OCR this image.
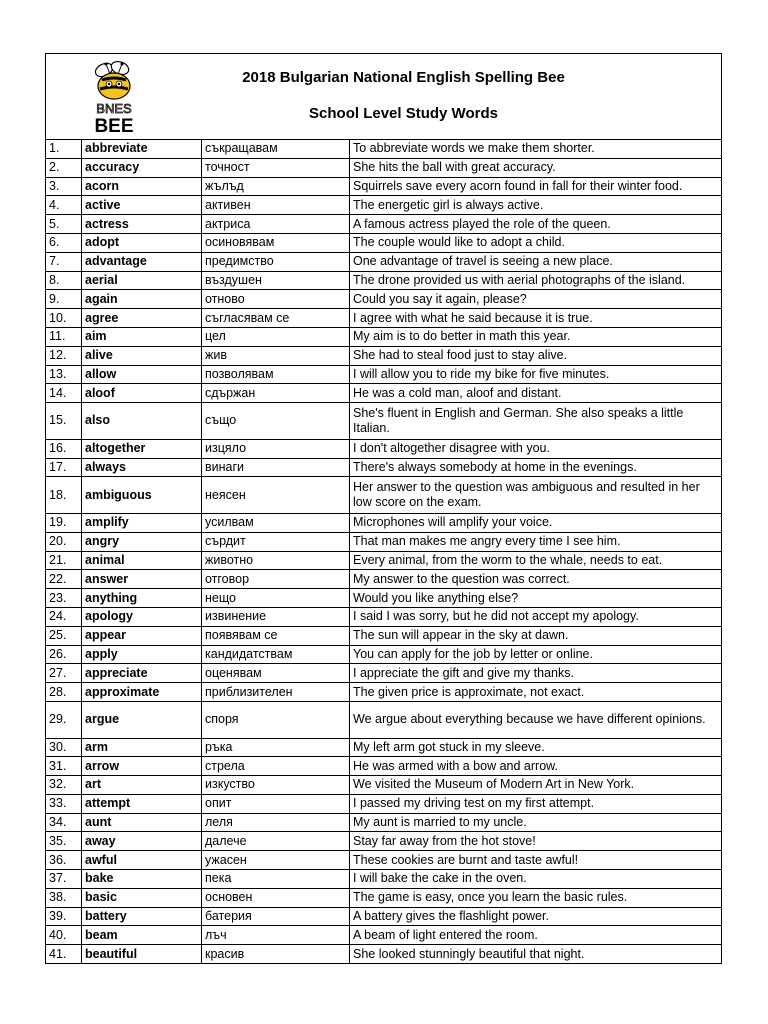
BNES
BEE
2018 Bulgarian National English Spelling Bee
School Level Study Words
1.	abbreviate	съкращавам	To abbreviate words we make them shorter.
2.	accuracy	точност	She hits the ball with great accuracy.
3.	acorn	жълъд	Squirrels save every acorn found in fall for their winter food.
4.	active	активен	The energetic girl is always active.
5.	actress	актриса	A famous actress played the role of the queen.
6.	adopt	осиновявам	The couple would like to adopt a child.
7.	advantage	предимство	One advantage of travel is seeing a new place.
8.	aerial	въздушен	The drone provided us with aerial photographs of the island.
9.	again	отново	Could you say it again, please?
10.	agree	съгласявам се	I agree with what he said because it is true.
11.	aim	цел	My aim is to do better in math this year.
12.	alive	жив	She had to steal food just to stay alive.
13.	allow	позволявам	I will allow you to ride my bike for five minutes.
14.	aloof	сдържан	He was a cold man, aloof and distant.
15.	also	също	She's fluent in English and German. She also speaks a little Italian.
16.	altogether	изцяло	I don't altogether disagree with you.
17.	always	винаги	There's always somebody at home in the evenings.
18.	ambiguous	неясен	Her answer to the question was ambiguous and resulted in her low score on the exam.
19.	amplify	усилвам	Microphones will amplify your voice.
20.	angry	сърдит	That man makes me angry every time I see him.
21.	animal	животно	Every animal, from the worm to the whale, needs to eat.
22.	answer	отговор	My answer to the question was correct.
23.	anything	нещо	Would you like anything else?
24.	apology	извинение	I said I was sorry, but he did not accept my apology.
25.	appear	появявам се	The sun will appear in the sky at dawn.
26.	apply	кандидатствам	You can apply for the job by letter or online.
27.	appreciate	оценявам	I appreciate the gift and give my thanks.
28.	approximate	приблизителен	The given price is approximate, not exact.
29.	argue	споря	We argue about everything because we have different opinions.
30.	arm	ръка	My left arm got stuck in my sleeve.
31.	arrow	стрела	He was armed with a bow and arrow.
32.	art	изкуство	We visited the Museum of Modern Art in New York.
33.	attempt	опит	I passed my driving test on my first attempt.
34.	aunt	леля	My aunt is married to my uncle.
35.	away	далече	Stay far away from the hot stove!
36.	awful	ужасен	These cookies are burnt and taste awful!
37.	bake	пека	I will bake the cake in the oven.
38.	basic	основен	The game is easy, once you learn the basic rules.
39.	battery	батерия	A battery gives the flashlight power.
40.	beam	лъч	A beam of light entered the room.
41.	beautiful	красив	She looked stunningly beautiful that night.
